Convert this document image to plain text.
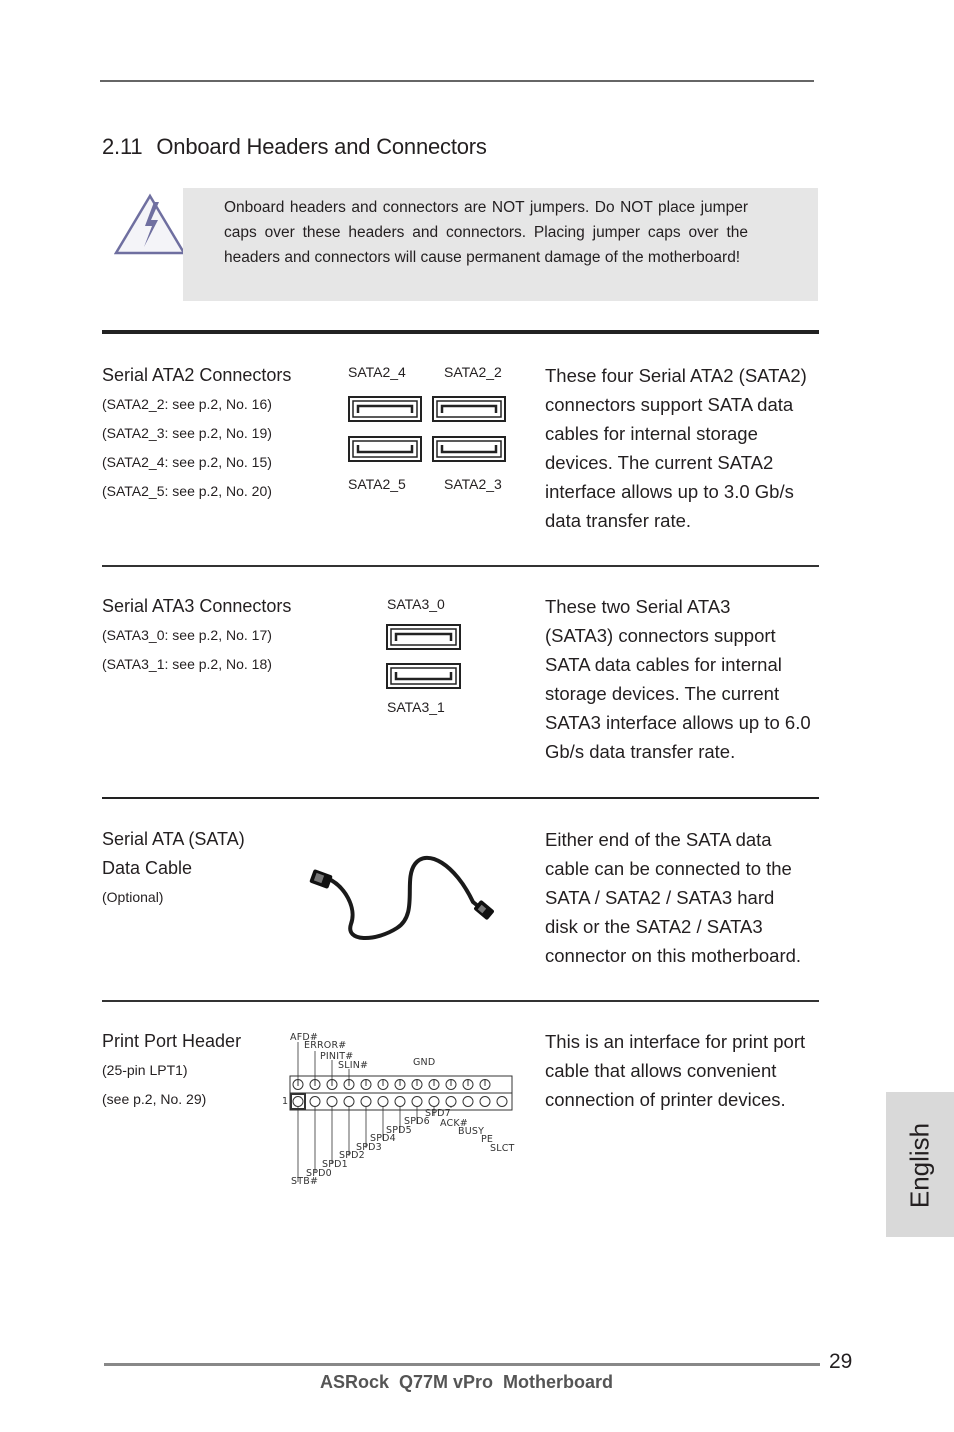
2.11 Onboard Headers and Connectors
Onboard headers and connectors are NOT jumpers. Do NOT place jumper caps over these headers and connectors. Placing jumper caps over the headers and connectors will cause permanent damage of the motherboard!
Serial ATA2 Connectors
(SATA2_2: see p.2, No. 16)
(SATA2_3: see p.2, No. 19)
(SATA2_4: see p.2, No. 15)
(SATA2_5: see p.2, No. 20)
SATA2_4	SATA2_2
SATA2_5	SATA2_3
These four Serial ATA2 (SATA2)
connectors support SATA data
cables for internal storage
devices. The current SATA2
interface allows up to 3.0 Gb/s
data transfer rate.
Serial ATA3 Connectors
(SATA3_0: see p.2, No. 17)
(SATA3_1: see p.2, No. 18)
SATA3_0
SATA3_1
These two Serial ATA3
(SATA3) connectors support
SATA data cables for internal
storage devices. The current
SATA3 interface allows up to 6.0
Gb/s data transfer rate.
Serial ATA (SATA)
Data Cable
(Optional)
Either end of the SATA data
cable can be connected to the
SATA / SATA2 / SATA3 hard
disk or the SATA2 / SATA3
connector on this motherboard.
Print Port Header
(25-pin LPT1)
(see p.2, No. 29)
AFD#
ERROR#
PINIT#
SLIN#	GND
1
SPD7
SPD6 ACK#
SPD5	BUSY
SPD4	PE
SPD3	SLCT
SPD2
SPD1
SPD0
STB#
This is an interface for print port
cable that allows convenient
connection of printer devices.
English
29
ASRock  Q77M vPro  Motherboard
